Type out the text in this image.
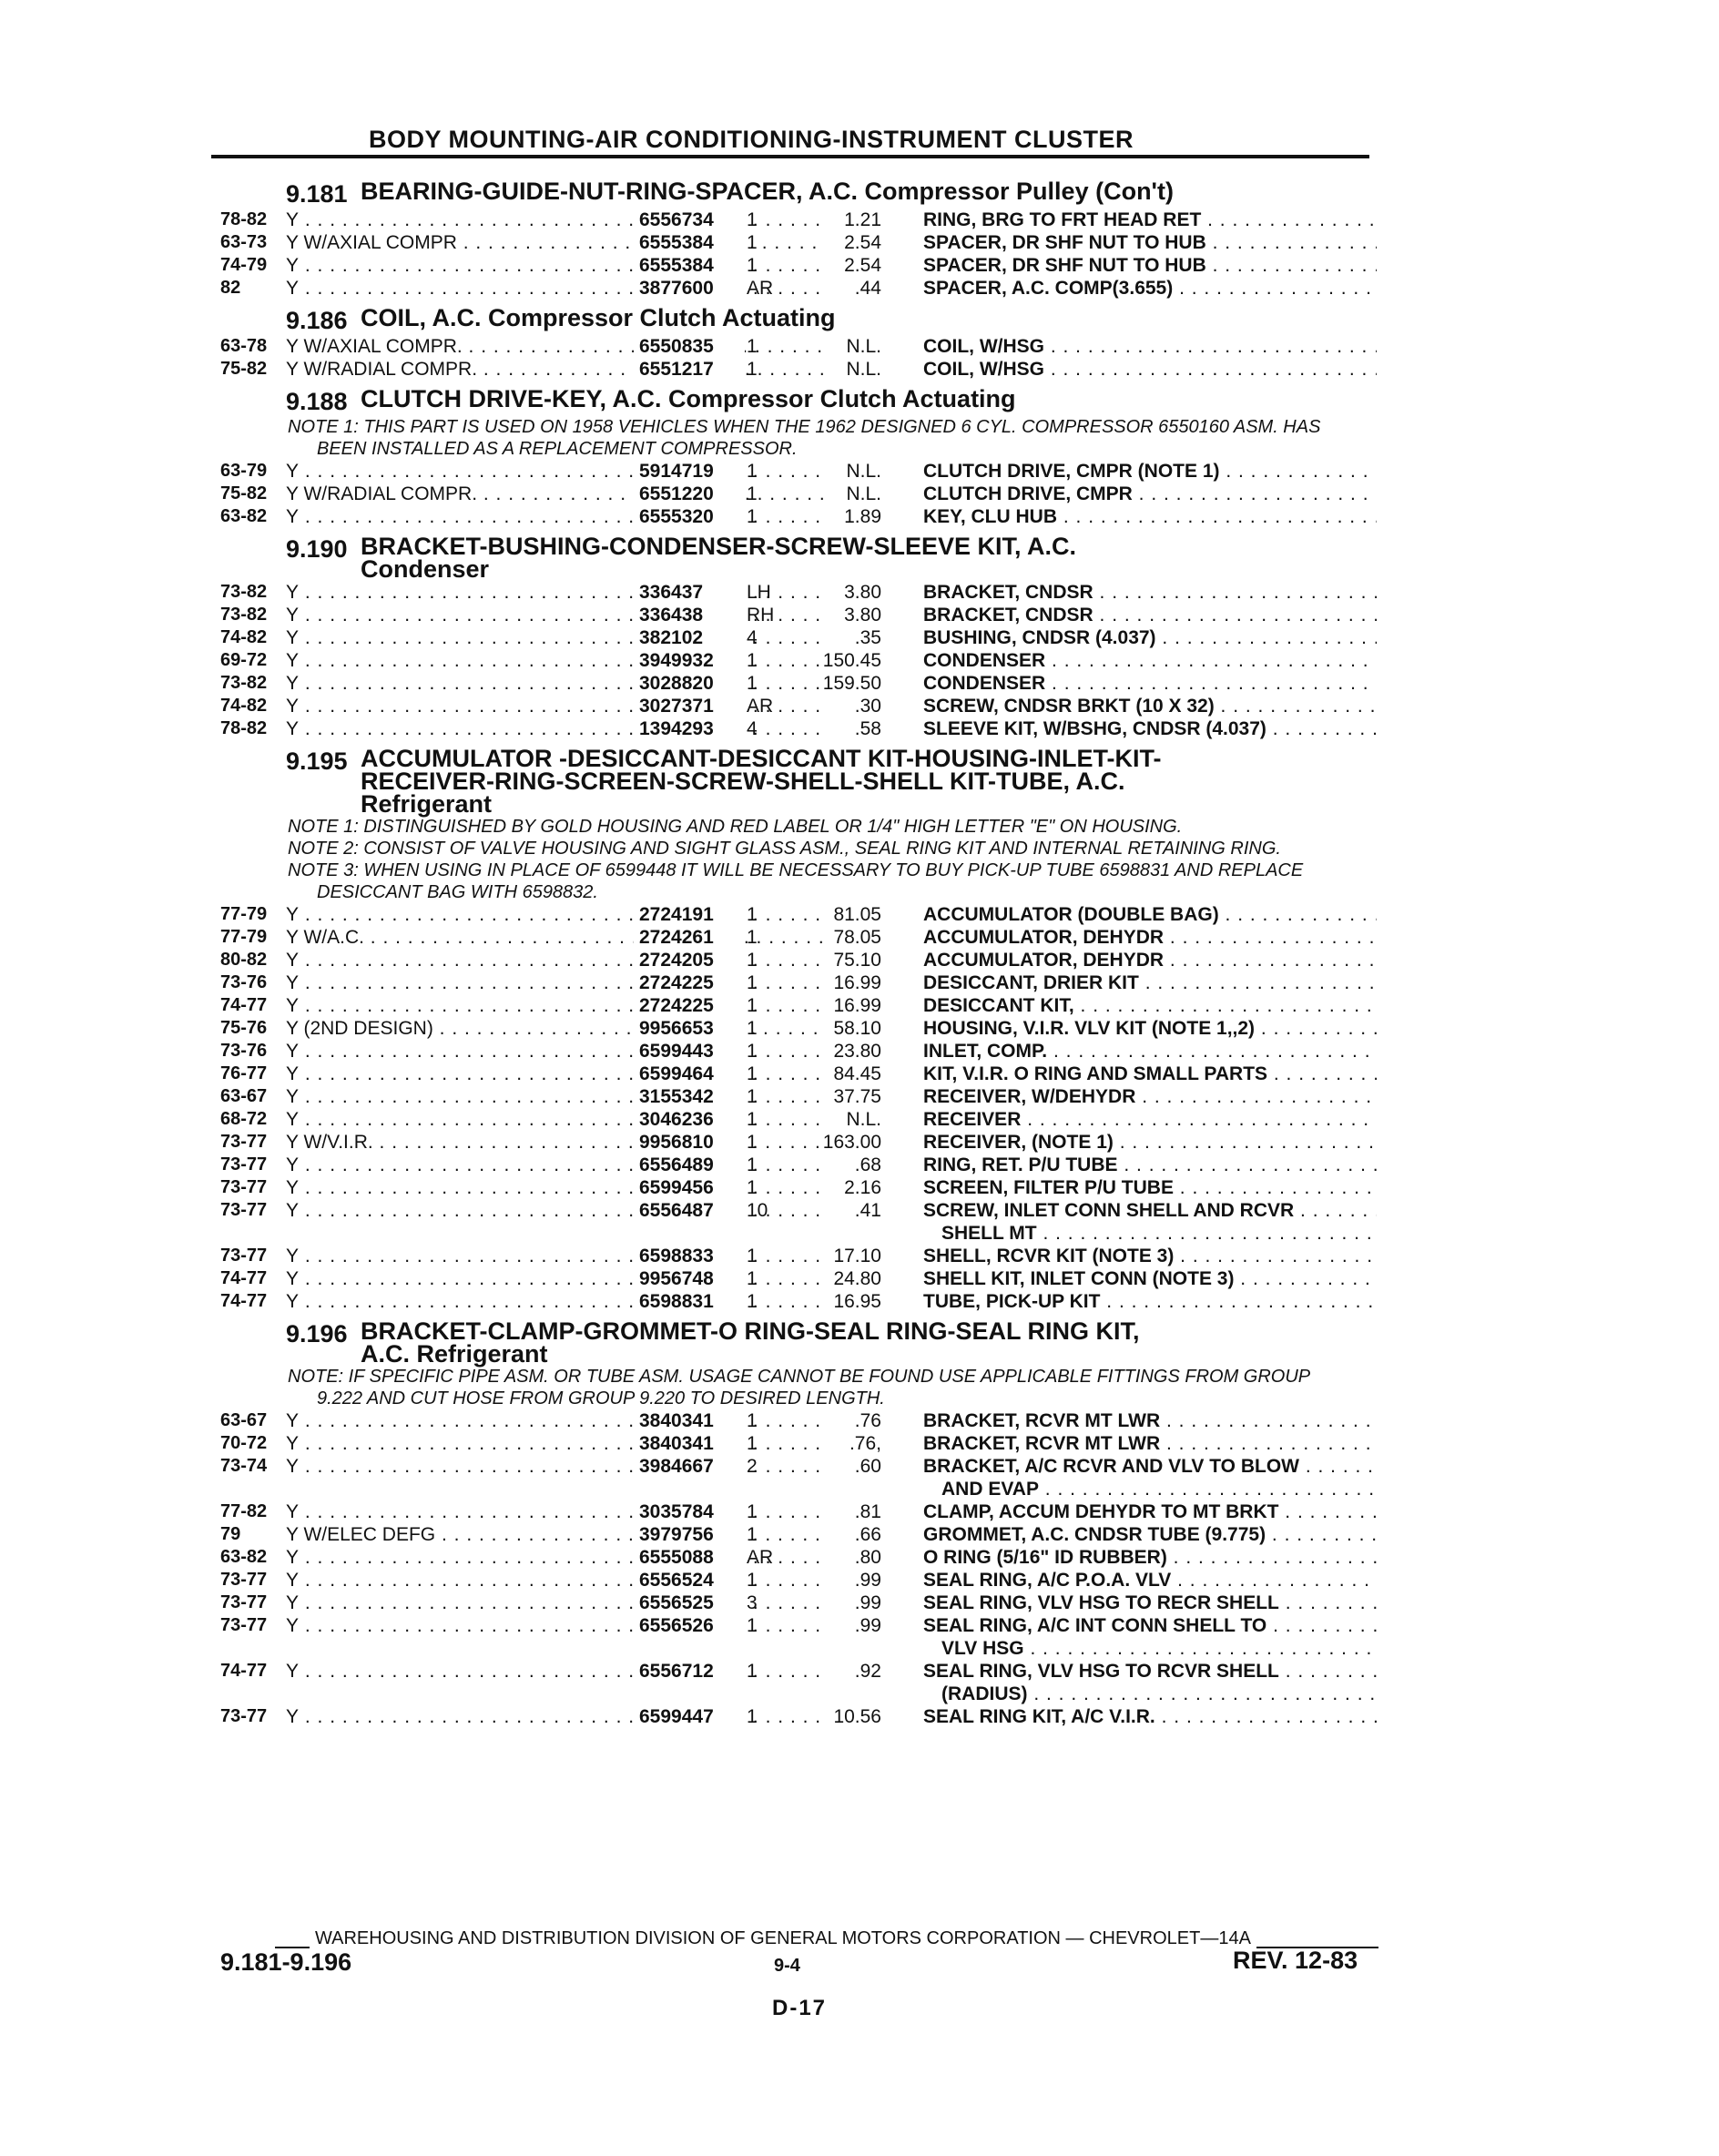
BODY MOUNTING-AIR CONDITIONING-INSTRUMENT CLUSTER
9.181 BEARING-GUIDE-NUT-RING-SPACER, A.C. Compressor Pulley (Con't)
78-82 Y . . .	6556734	1	1.21 RING, BRG TO FRT HEAD RET . . .
63-73 Y W/AXIAL COMPR . . .	6555384	1	2.54 SPACER, DR SHF NUT TO HUB . . .
74-79 Y . . .	6555384	1	2.54 SPACER, DR SHF NUT TO HUB . . .
82	Y . . .	3877600	AR	.44 SPACER, A.C. COMP(3.655) . . .
9.186 COIL, A.C. Compressor Clutch Actuating
63-78 Y W/AXIAL COMPR. . . .	6550835	1	N.L. COIL, W/HSG . . .
75-82 Y W/RADIAL COMPR. . . .	6551217	1	N.L. COIL, W/HSG . . .
9.188 CLUTCH DRIVE-KEY, A.C. Compressor Clutch Actuating
NOTE 1: THIS PART IS USED ON 1958 VEHICLES WHEN THE 1962 DESIGNED 6 CYL. COMPRESSOR 6550160 ASM. HAS BEEN INSTALLED AS A REPLACEMENT COMPRESSOR.
63-79 Y . . .	5914719	1	N.L. CLUTCH DRIVE, CMPR (NOTE 1) . . .
75-82 Y W/RADIAL COMPR. . . .	6551220	1	N.L. CLUTCH DRIVE, CMPR . . .
63-82 Y . . .	6555320	1	1.89 KEY, CLU HUB . . .
9.190 BRACKET-BUSHING-CONDENSER-SCREW-SLEEVE KIT, A.C. Condenser
73-82 Y . . .	336437	LH	3.80 BRACKET, CNDSR . . .
73-82 Y . . .	336438	RH	3.80 BRACKET, CNDSR . . .
74-82 Y . . .	382102	4	.35 BUSHING, CNDSR (4.037) . . .
69-72 Y . . .	3949932	1	150.45 CONDENSER . . .
73-82 Y . . .	3028820	1	159.50 CONDENSER . . .
74-82 Y . . .	3027371	AR	.30 SCREW, CNDSR BRKT (10 X 32) . . .
78-82 Y . . .	1394293	4	.58 SLEEVE KIT, W/BSHG, CNDSR (4.037) . . .
9.195 ACCUMULATOR -DESICCANT-DESICCANT KIT-HOUSING-INLET-KIT-RECEIVER-RING-SCREEN-SCREW-SHELL-SHELL KIT-TUBE, A.C. Refrigerant
NOTE 1: DISTINGUISHED BY GOLD HOUSING AND RED LABEL OR 1/4" HIGH LETTER "E" ON HOUSING.
NOTE 2: CONSIST OF VALVE HOUSING AND SIGHT GLASS ASM., SEAL RING KIT AND INTERNAL RETAINING RING.
NOTE 3: WHEN USING IN PLACE OF 6599448 IT WILL BE NECESSARY TO BUY PICK-UP TUBE 6598831 AND REPLACE DESICCANT BAG WITH 6598832.
77-79 Y . . .	2724191	1	81.05 ACCUMULATOR (DOUBLE BAG) . . .
77-79 Y W/A.C. . . .	2724261	1	78.05 ACCUMULATOR, DEHYDR . . .
80-82 Y . . .	2724205	1	75.10 ACCUMULATOR, DEHYDR . . .
73-76 Y . . .	2724225	1	16.99 DESICCANT, DRIER KIT . . .
74-77 Y . . .	2724225	1	16.99 DESICCANT KIT, . . .
75-76 Y (2ND DESIGN) . . .	9956653	1	58.10 HOUSING, V.I.R. VLV KIT (NOTE 1,,2) . . .
73-76 Y . . .	6599443	1	23.80 INLET, COMP. . . .
76-77 Y . . .	6599464	1	84.45 KIT, V.I.R. O RING AND SMALL PARTS . . .
63-67 Y . . .	3155342	1	37.75 RECEIVER, W/DEHYDR . . .
68-72 Y . . .	3046236	1	N.L. RECEIVER . . .
73-77 Y W/V.I.R. . . .	9956810	1	163.00 RECEIVER, (NOTE 1) . . .
73-77 Y . . .	6556489	1	.68 RING, RET. P/U TUBE . . .
73-77 Y . . .	6599456	1	2.16 SCREEN, FILTER P/U TUBE . . .
73-77 Y . . .	6556487	10	.41 SCREW, INLET CONN SHELL AND RCVR . . .
SHELL MT . . .
73-77 Y . . .	6598833	1	17.10 SHELL, RCVR KIT (NOTE 3) . . .
74-77 Y . . .	9956748	1	24.80 SHELL KIT, INLET CONN (NOTE 3) . . .
74-77 Y . . .	6598831	1	16.95 TUBE, PICK-UP KIT . . .
9.196 BRACKET-CLAMP-GROMMET-O RING-SEAL RING-SEAL RING KIT, A.C. Refrigerant
NOTE: IF SPECIFIC PIPE ASM. OR TUBE ASM. USAGE CANNOT BE FOUND USE APPLICABLE FITTINGS FROM GROUP 9.222 AND CUT HOSE FROM GROUP 9.220 TO DESIRED LENGTH.
63-67 Y . . .	3840341	1	.76 BRACKET, RCVR MT LWR . . .
70-72 Y . . .	3840341	1	.76, BRACKET, RCVR MT LWR . . .
73-74 Y . . .	3984667	2	.60 BRACKET, A/C RCVR AND VLV TO BLOW . . .
AND EVAP . . .
77-82 Y . . .	3035784	1	.81 CLAMP, ACCUM DEHYDR TO MT BRKT . . .
79	Y W/ELEC DEFG . . .	3979756	1	.66 GROMMET, A.C. CNDSR TUBE (9.775) . . .
63-82 Y . . .	6555088	AR	.80 O RING (5/16" ID RUBBER) . . .
73-77 Y . . .	6556524	1	.99 SEAL RING, A/C P.O.A. VLV . . .
73-77 Y . . .	6556525	3	.99 SEAL RING, VLV HSG TO RECR SHELL . . .
73-77 Y . . .	6556526	1	.99 SEAL RING, A/C INT CONN SHELL TO . . .
VLV HSG . . .
74-77 Y . . .	6556712	1	.92 SEAL RING, VLV HSG TO RCVR SHELL . . .
(RADIUS) . . .
73-77 Y . . .	6599447	1	10.56 SEAL RING KIT, A/C V.I.R. . . .
WAREHOUSING AND DISTRIBUTION DIVISION OF GENERAL MOTORS CORPORATION — CHEVROLET—14A
9.181-9.196	9-4	REV. 12-83
D-17
